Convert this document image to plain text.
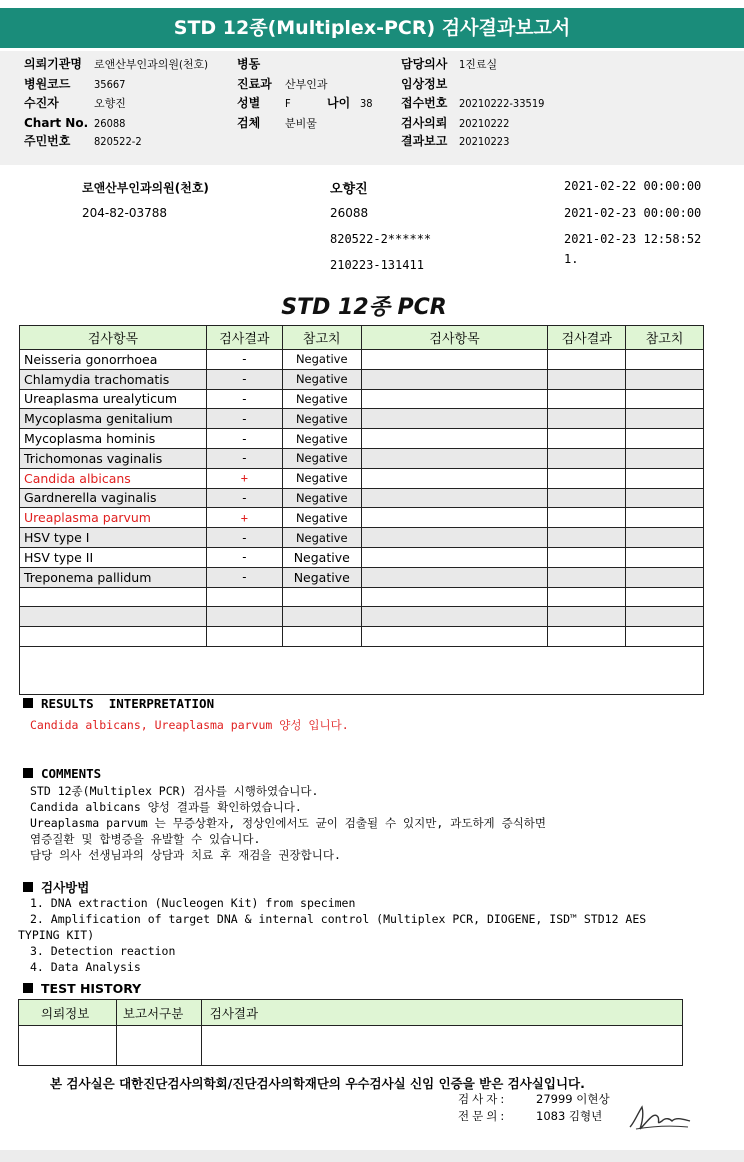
STD 12종(Multiplex-PCR) 검사결과보고서
의뢰기관명 로앤산부인과의원(천호)
병원코드 35667
수진자	오향진
Chart No. 26088
주민번호 820522-2
병동
진료과 산부인과
성별 F	나이 38
검체 분비물
담당의사 1진료실
임상정보
접수번호 20210222-33519
검사의뢰 20210222
결과보고 20210223
로앤산부인과의원(천호)
204-82-03788
오향진
26088
820522-2******
210223-131411
2021-02-22 00:00:00
2021-02-23 00:00:00
2021-02-23 12:58:52
1.
STD 12종 PCR
검사항목	검사결과	참고치	검사항목	검사결과	참고치
Neisseria gonorrhoea	-	Negative			
Chlamydia trachomatis	-	Negative			
Ureaplasma urealyticum	-	Negative			
Mycoplasma genitalium	-	Negative			
Mycoplasma hominis	-	Negative			
Trichomonas vaginalis	-	Negative			
Candida albicans	+	Negative			
Gardnerella vaginalis	-	Negative			
Ureaplasma parvum	+	Negative			
HSV type I	-	Negative			
HSV type II	-	Negative			
Treponema pallidum	-	Negative			

RESULTS  INTERPRETATION
Candida albicans, Ureaplasma parvum 양성 입니다.
COMMENTS
STD 12종(Multiplex PCR) 검사를 시행하였습니다.
Candida albicans 양성 결과를 확인하였습니다.
Ureaplasma parvum 는 무증상환자, 정상인에서도 균이 검출될 수 있지만, 과도하게 증식하면
염증질환 및 합병증을 유발할 수 있습니다.
담당 의사 선생님과의 상담과 치료 후 재검을 권장합니다.
검사방법
1. DNA extraction (Nucleogen Kit) from specimen
2. Amplification of target DNA & internal control (Multiplex PCR, DIOGENE, ISD™ STD12 AES
TYPING KIT)
3. Detection reaction
4. Data Analysis
TEST HISTORY
의뢰정보	보고서구분	검사결과

본 검사실은 대한진단검사의학회/진단검사의학재단의 우수검사실 신임 인증을 받은 검사실입니다.
검사자:	27999 이현상
전문의:	1083 김형년
